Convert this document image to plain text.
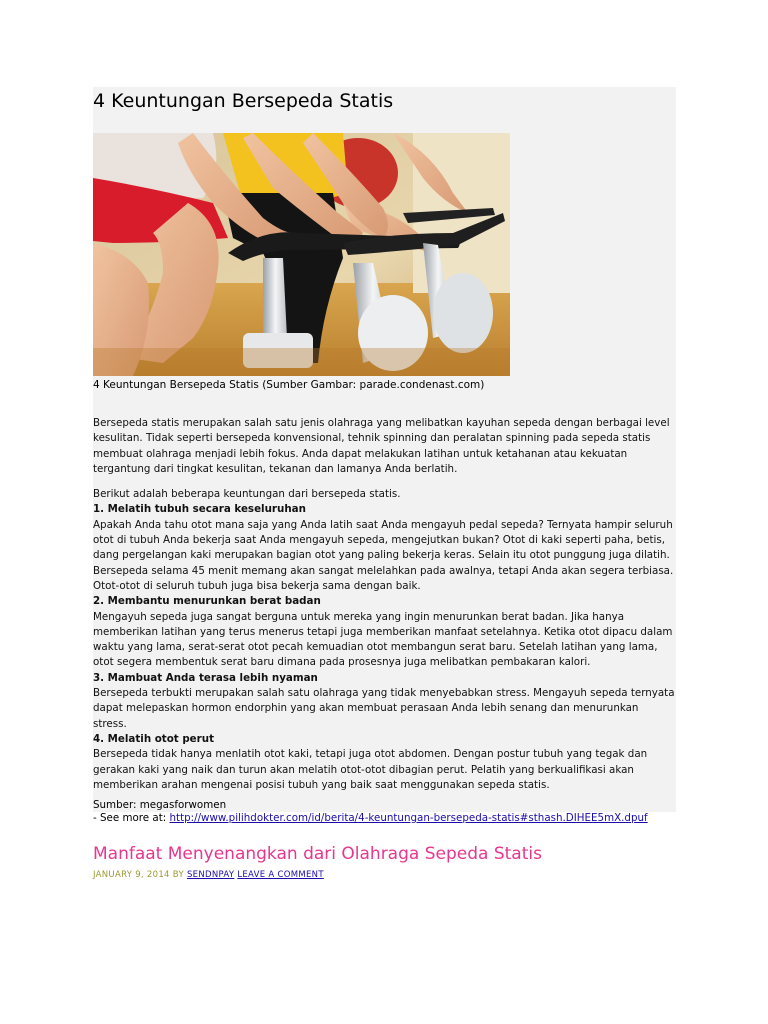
4 Keuntungan Bersepeda Statis
4 Keuntungan Bersepeda Statis (Sumber Gambar: parade.condenast.com)

Bersepeda statis merupakan salah satu jenis olahraga yang melibatkan kayuhan sepeda dengan berbagai level kesulitan. Tidak seperti bersepeda konvensional, tehnik spinning dan peralatan spinning pada sepeda statis membuat olahraga menjadi lebih fokus. Anda dapat melakukan latihan untuk ketahanan atau kekuatan tergantung dari tingkat kesulitan, tekanan dan lamanya Anda berlatih.

Berikut adalah beberapa keuntungan dari bersepeda statis.

1. Melatih tubuh secara keseluruhan

Apakah Anda tahu otot mana saja yang Anda latih saat Anda mengayuh pedal sepeda? Ternyata hampir seluruh otot di tubuh Anda bekerja saat Anda mengayuh sepeda, mengejutkan bukan? Otot di kaki seperti paha, betis, dang pergelangan kaki merupakan bagian otot yang paling bekerja keras. Selain itu otot punggung juga dilatih. Bersepeda selama 45 menit memang akan sangat melelahkan pada awalnya, tetapi Anda akan segera terbiasa. Otot-otot di seluruh tubuh juga bisa bekerja sama dengan baik.

2. Membantu menurunkan berat badan

Mengayuh sepeda juga sangat berguna untuk mereka yang ingin menurunkan berat badan. Jika hanya memberikan latihan yang terus menerus tetapi juga memberikan manfaat setelahnya. Ketika otot dipacu dalam waktu yang lama, serat-serat otot pecah kemuadian otot membangun serat baru. Setelah latihan yang lama, otot segera membentuk serat baru dimana pada prosesnya juga melibatkan pembakaran kalori.

3. Mambuat Anda terasa lebih nyaman

Bersepeda terbukti merupakan salah satu olahraga yang tidak menyebabkan stress. Mengayuh sepeda ternyata dapat melepaskan hormon endorphin yang akan membuat perasaan Anda lebih senang dan menurunkan stress.

4. Melatih otot perut

Bersepeda tidak hanya menlatih otot kaki, tetapi juga otot abdomen. Dengan postur tubuh yang tegak dan gerakan kaki yang naik dan turun akan melatih otot-otot dibagian perut. Pelatih yang berkualifikasi akan memberikan arahan mengenai posisi tubuh yang baik saat menggunakan sepeda statis.

Sumber: megasforwomen
- See more at: http://www.pilihdokter.com/id/berita/4-keuntungan-bersepeda-statis#sthash.DIHEE5mX.dpuf
Manfaat Menyenangkan dari Olahraga Sepeda Statis
JANUARY 9, 2014 BY SENDNPAY LEAVE A COMMENT
